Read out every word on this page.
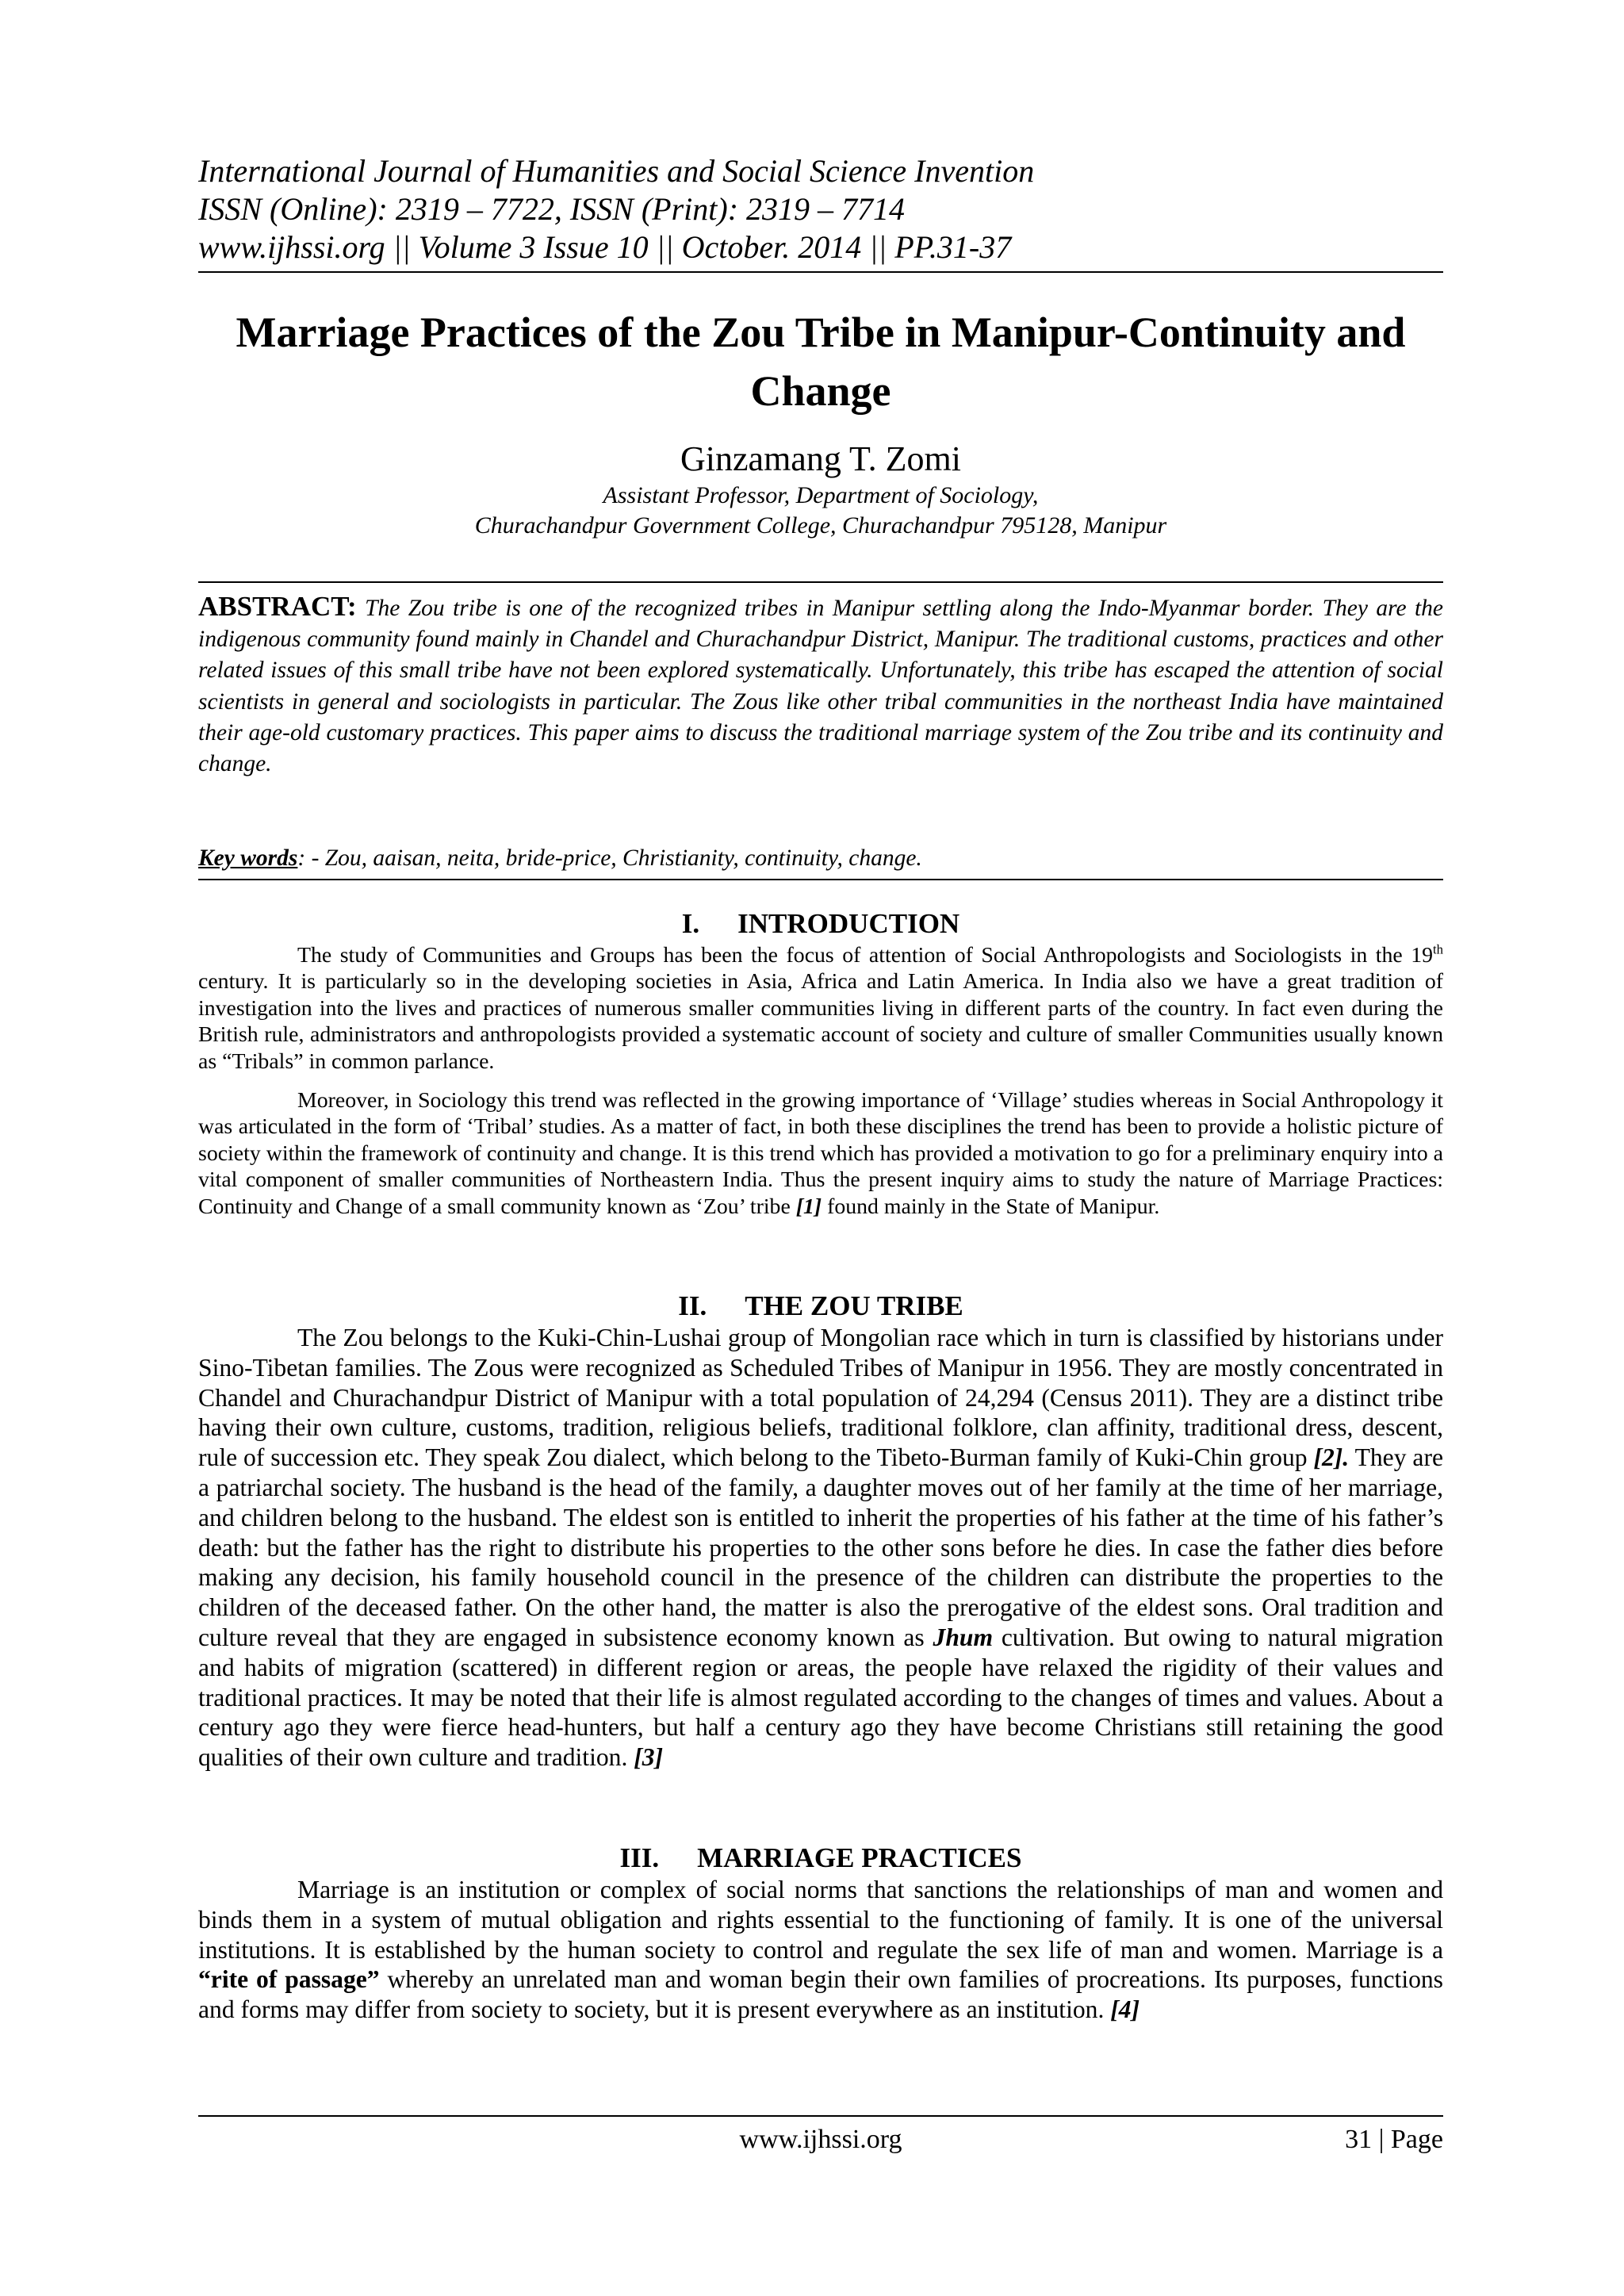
International Journal of Humanities and Social Science Invention
ISSN (Online): 2319 – 7722, ISSN (Print): 2319 – 7714
www.ijhssi.org || Volume 3 Issue 10 || October. 2014 || PP.31-37
Marriage Practices of the Zou Tribe in Manipur-Continuity and Change
Ginzamang T. Zomi
Assistant Professor, Department of Sociology,
Churachandpur Government College, Churachandpur 795128, Manipur
ABSTRACT: The Zou tribe is one of the recognized tribes in Manipur settling along the Indo-Myanmar border. They are the indigenous community found mainly in Chandel and Churachandpur District, Manipur. The traditional customs, practices and other related issues of this small tribe have not been explored systematically. Unfortunately, this tribe has escaped the attention of social scientists in general and sociologists in particular. The Zous like other tribal communities in the northeast India have maintained their age-old customary practices. This paper aims to discuss the traditional marriage system of the Zou tribe and its continuity and change.
Key words: - Zou, aaisan, neita, bride-price, Christianity, continuity, change.
I. INTRODUCTION

The study of Communities and Groups has been the focus of attention of Social Anthropologists and Sociologists in the 19th century. It is particularly so in the developing societies in Asia, Africa and Latin America. In India also we have a great tradition of investigation into the lives and practices of numerous smaller communities living in different parts of the country. In fact even during the British rule, administrators and anthropologists provided a systematic account of society and culture of smaller Communities usually known as “Tribals” in common parlance.

Moreover, in Sociology this trend was reflected in the growing importance of ‘Village’ studies whereas in Social Anthropology it was articulated in the form of ‘Tribal’ studies. As a matter of fact, in both these disciplines the trend has been to provide a holistic picture of society within the framework of continuity and change. It is this trend which has provided a motivation to go for a preliminary enquiry into a vital component of smaller communities of Northeastern India. Thus the present inquiry aims to study the nature of Marriage Practices: Continuity and Change of a small community known as ‘Zou’ tribe [1] found mainly in the State of Manipur.

II. THE ZOU TRIBE

The Zou belongs to the Kuki-Chin-Lushai group of Mongolian race which in turn is classified by historians under Sino-Tibetan families. The Zous were recognized as Scheduled Tribes of Manipur in 1956. They are mostly concentrated in Chandel and Churachandpur District of Manipur with a total population of 24,294 (Census 2011). They are a distinct tribe having their own culture, customs, tradition, religious beliefs, traditional folklore, clan affinity, traditional dress, descent, rule of succession etc. They speak Zou dialect, which belong to the Tibeto-Burman family of Kuki-Chin group [2]. They are a patriarchal society. The husband is the head of the family, a daughter moves out of her family at the time of her marriage, and children belong to the husband. The eldest son is entitled to inherit the properties of his father at the time of his father’s death: but the father has the right to distribute his properties to the other sons before he dies. In case the father dies before making any decision, his family household council in the presence of the children can distribute the properties to the children of the deceased father. On the other hand, the matter is also the prerogative of the eldest sons. Oral tradition and culture reveal that they are engaged in subsistence economy known as Jhum cultivation. But owing to natural migration and habits of migration (scattered) in different region or areas, the people have relaxed the rigidity of their values and traditional practices. It may be noted that their life is almost regulated according to the changes of times and values. About a century ago they were fierce head-hunters, but half a century ago they have become Christians still retaining the good qualities of their own culture and tradition. [3]

III. MARRIAGE PRACTICES

Marriage is an institution or complex of social norms that sanctions the relationships of man and women and binds them in a system of mutual obligation and rights essential to the functioning of family. It is one of the universal institutions. It is established by the human society to control and regulate the sex life of man and women. Marriage is a “rite of passage” whereby an unrelated man and woman begin their own families of procreations. Its purposes, functions and forms may differ from society to society, but it is present everywhere as an institution. [4]

www.ijhssi.org	31 | Page
